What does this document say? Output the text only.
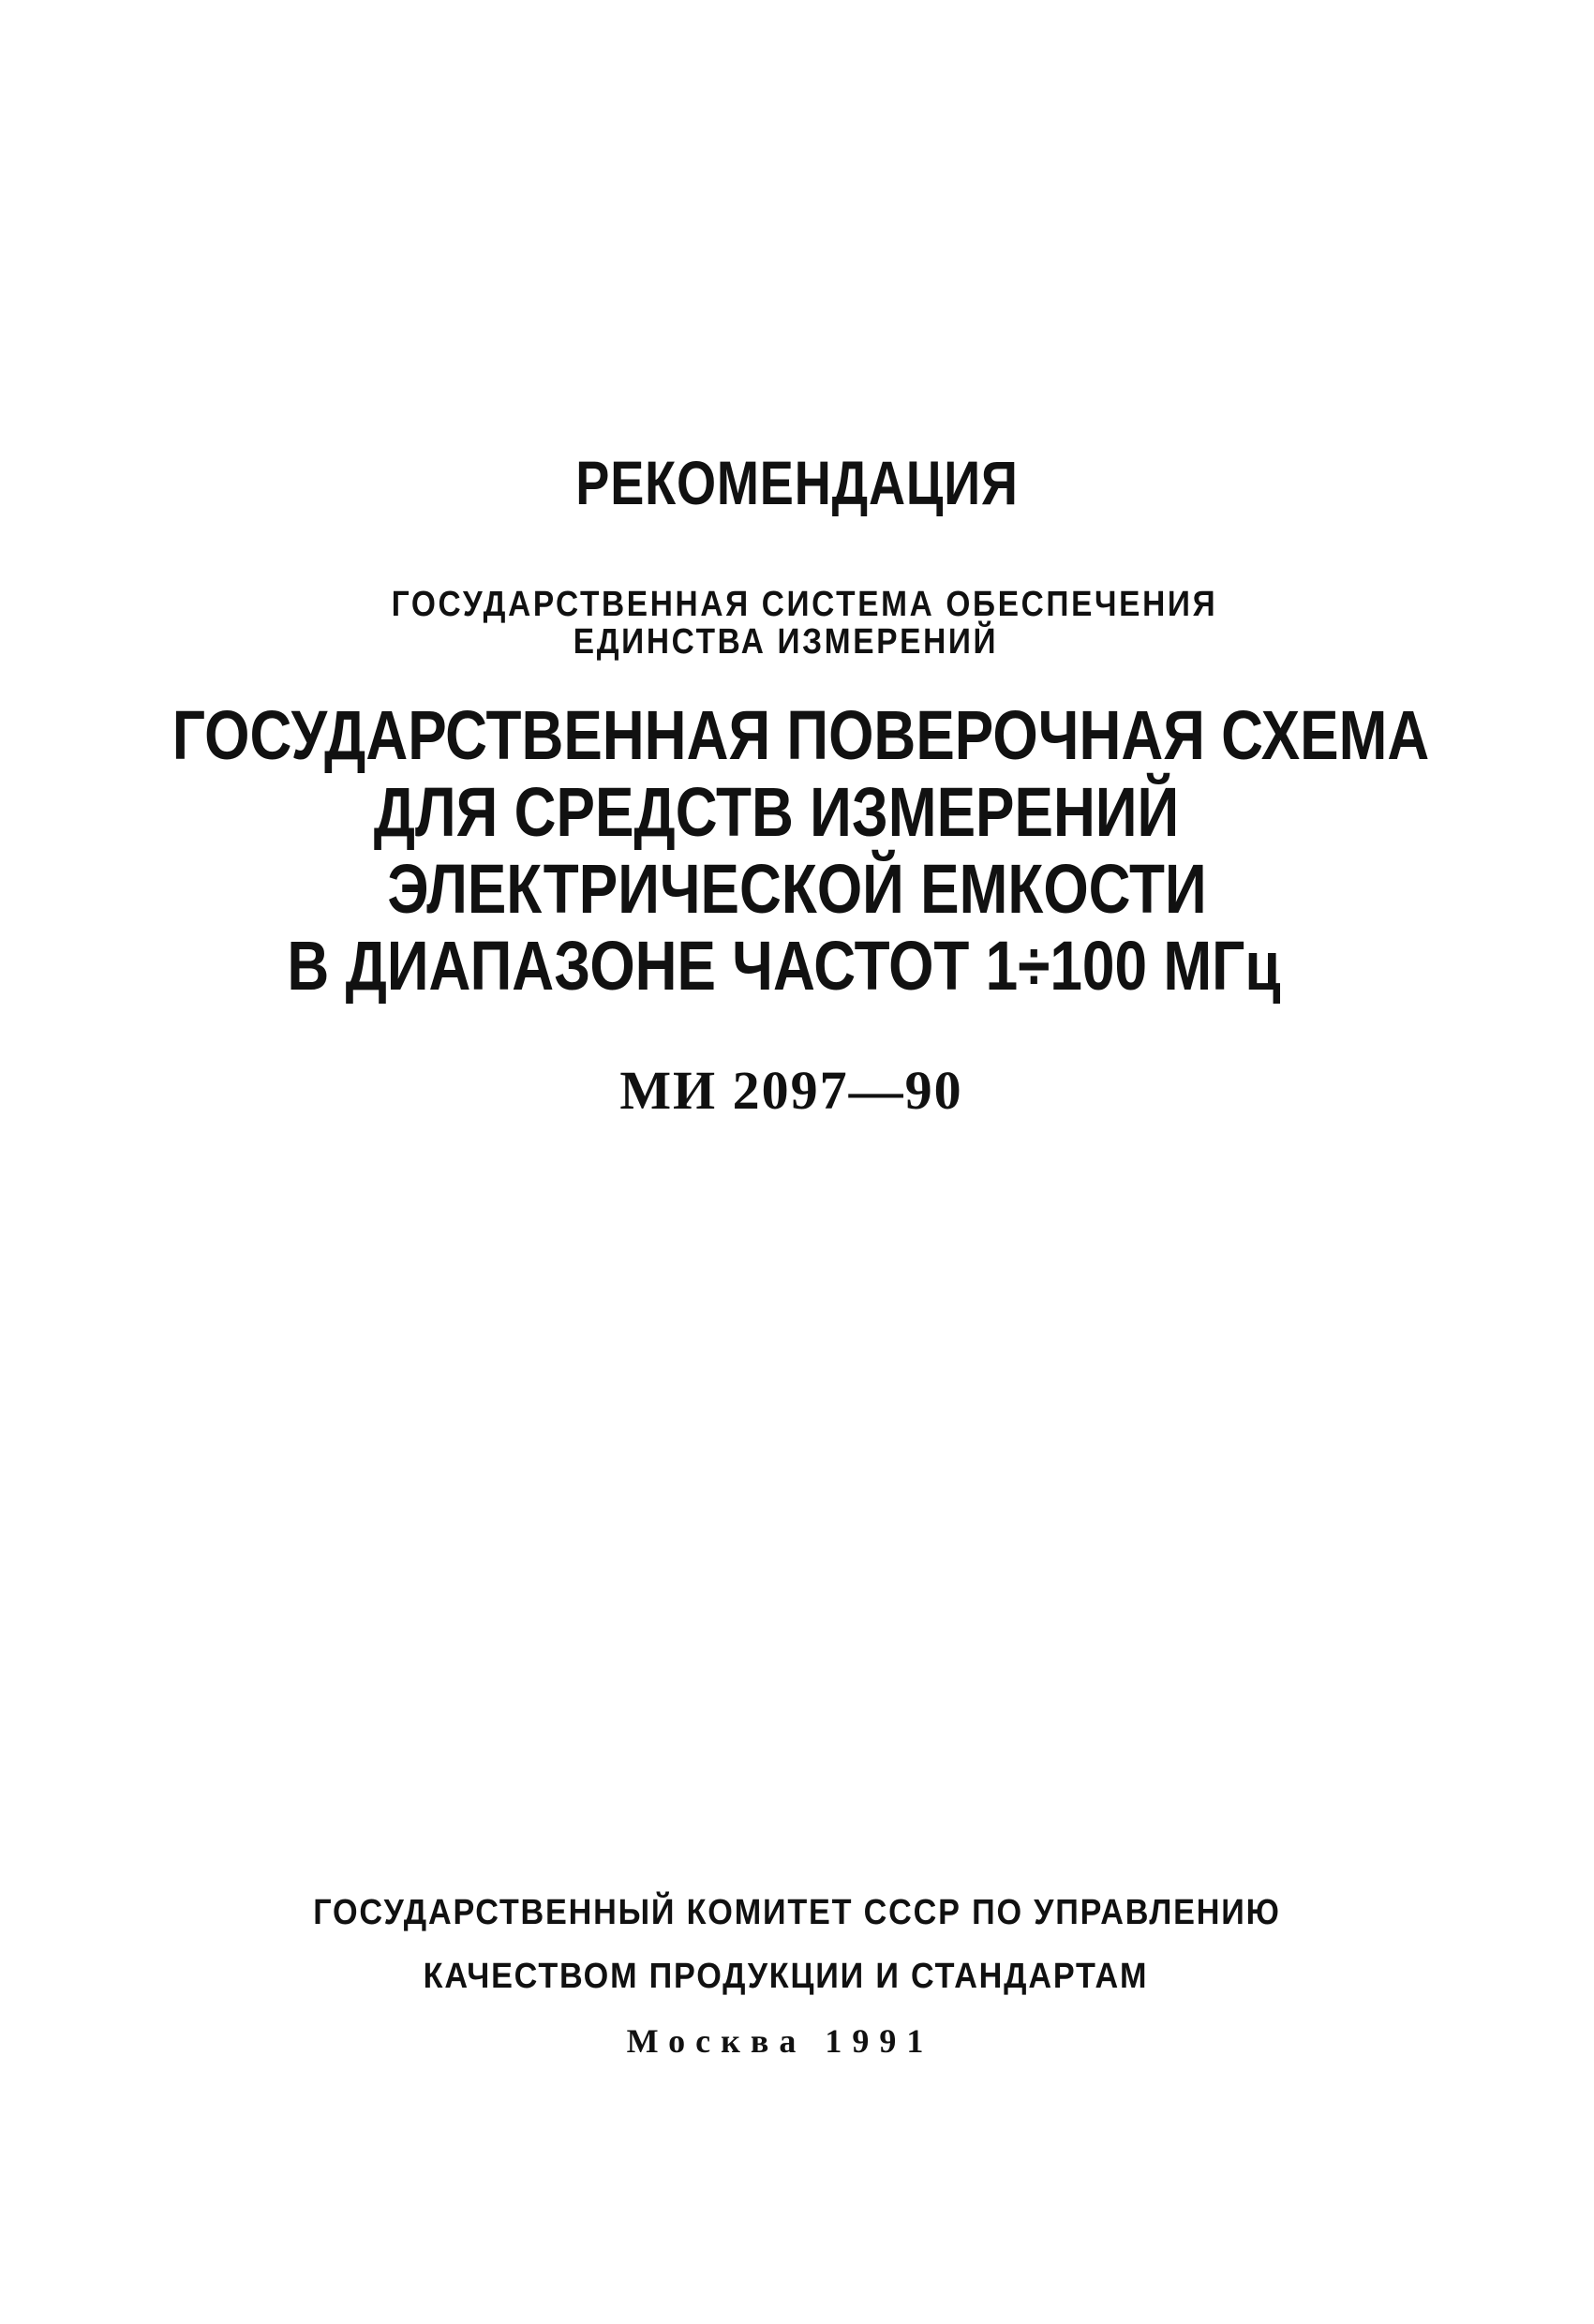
РЕКОМЕНДАЦИЯ
ГОСУДАРСТВЕННАЯ СИСТЕМА ОБЕСПЕЧЕНИЯ
ЕДИНСТВА ИЗМЕРЕНИЙ
ГОСУДАРСТВЕННАЯ ПОВЕРОЧНАЯ СХЕМА
ДЛЯ СРЕДСТВ ИЗМЕРЕНИЙ
ЭЛЕКТРИЧЕСКОЙ ЕМКОСТИ
В ДИАПАЗОНЕ ЧАСТОТ 1÷100 МГц
МИ 2097—90
ГОСУДАРСТВЕННЫЙ КОМИТЕТ СССР ПО УПРАВЛЕНИЮ
КАЧЕСТВОМ ПРОДУКЦИИ И СТАНДАРТАМ
Москва 1991
